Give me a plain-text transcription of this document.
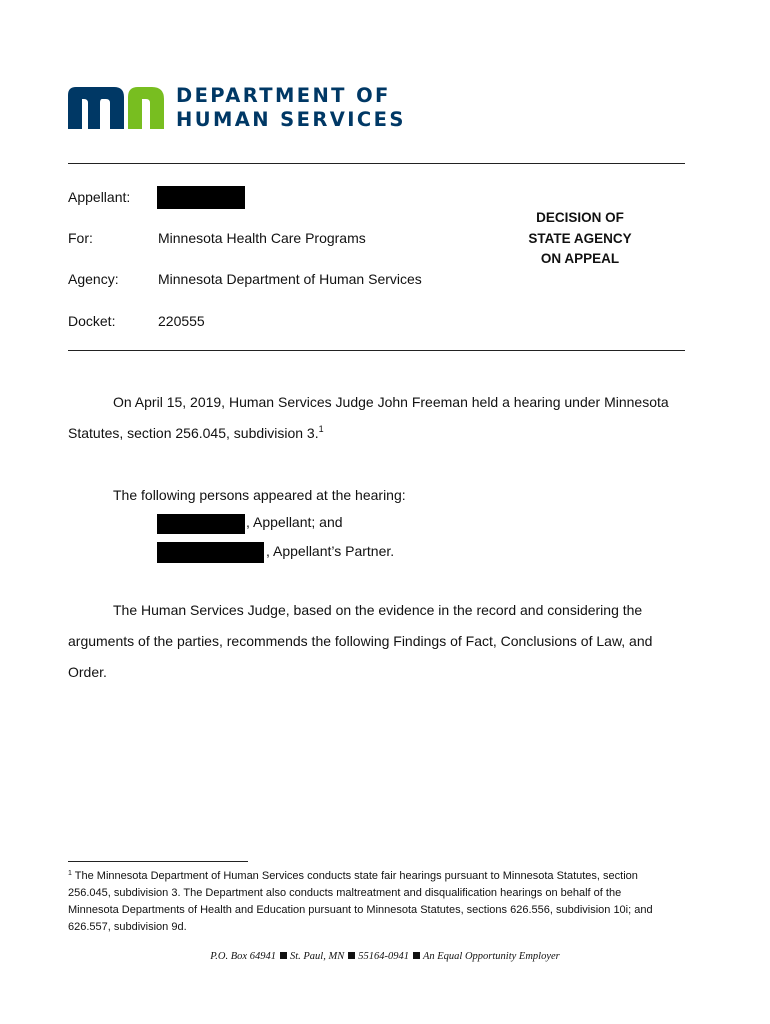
DEPARTMENT OF
HUMAN SERVICES
Appellant:
For:	Minnesota Health Care Programs
Agency:	Minnesota Department of Human Services
Docket:	220555
DECISION OF
STATE AGENCY
ON APPEAL
On April 15, 2019, Human Services Judge John Freeman held a hearing under Minnesota
Statutes, section 256.045, subdivision 3.$^1$
The following persons appeared at the hearing:
, Appellant; and
, Appellant’s Partner.
The Human Services Judge, based on the evidence in the record and considering the
arguments of the parties, recommends the following Findings of Fact, Conclusions of Law, and
Order.
$^1$ The Minnesota Department of Human Services conducts state fair hearings pursuant to Minnesota Statutes, section
256.045, subdivision 3. The Department also conducts maltreatment and disqualification hearings on behalf of the
Minnesota Departments of Health and Education pursuant to Minnesota Statutes, sections 626.556, subdivision 10i; and
626.557, subdivision 9d.
P.O. Box 64941 St. Paul, MN 55164-0941 An Equal Opportunity Employer
